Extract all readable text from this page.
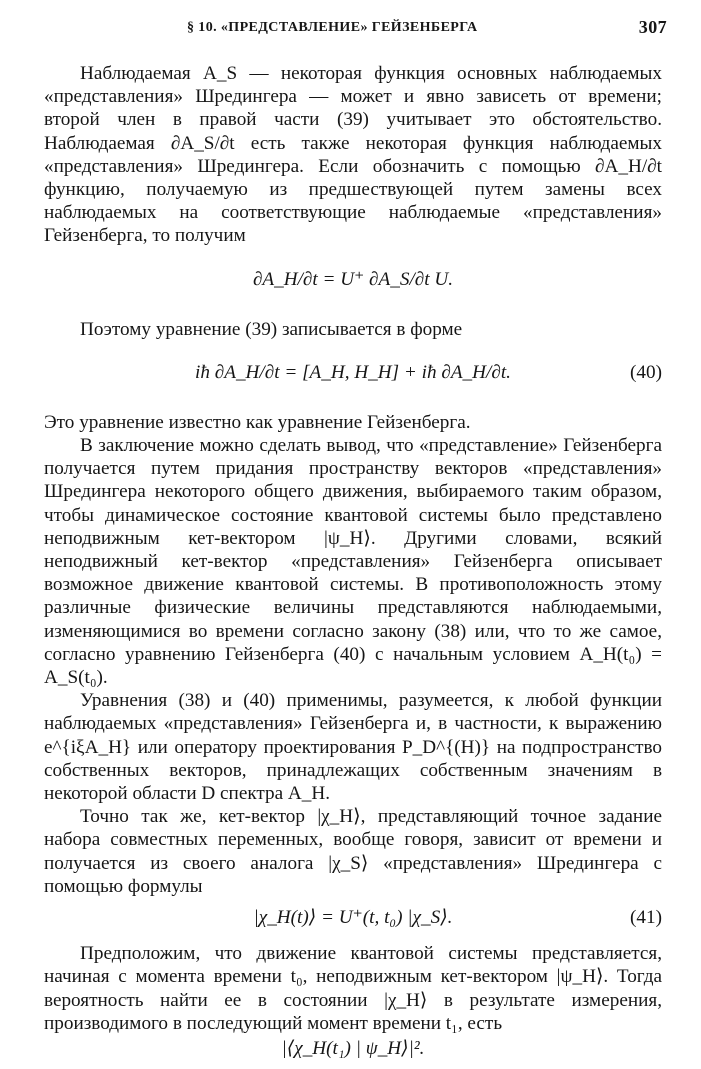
§ 10. «ПРЕДСТАВЛЕНИЕ» ГЕЙЗЕНБЕРГА	307

Наблюдаемая A_S — некоторая функция основных наблюдаемых «представления» Шредингера — может и явно зависеть от времени; второй член в правой части (39) учитывает это обстоятельство. Наблюдаемая ∂A_S/∂t есть также некоторая функция наблюдаемых «представления» Шредингера. Если обозначить с помощью ∂A_H/∂t функцию, получаемую из предшествующей путем замены всех наблюдаемых на соответствующие наблюдаемые «представления» Гейзенберга, то получим

∂A_H/∂t = U⁺ ∂A_S/∂t U.

Поэтому уравнение (39) записывается в форме

iħ ∂A_H/∂t = [A_H, H_H] + iħ ∂A_H/∂t.	(40)

Это уравнение известно как уравнение Гейзенберга.

В заключение можно сделать вывод, что «представление» Гейзенберга получается путем придания пространству векторов «представления» Шредингера некоторого общего движения, выбираемого таким образом, чтобы динамическое состояние квантовой системы было представлено неподвижным кет-вектором |ψ_H⟩. Другими словами, всякий неподвижный кет-вектор «представления» Гейзенберга описывает возможное движение квантовой системы. В противоположность этому различные физические величины представляются наблюдаемыми, изменяющимися во времени согласно закону (38) или, что то же самое, согласно уравнению Гейзенберга (40) с начальным условием A_H(t₀) = A_S(t₀).

Уравнения (38) и (40) применимы, разумеется, к любой функции наблюдаемых «представления» Гейзенберга и, в частности, к выражению e^{iξA_H} или оператору проектирования P_D^{(H)} на подпространство собственных векторов, принадлежащих собственным значениям в некоторой области D спектра A_H.

Точно так же, кет-вектор |χ_H⟩, представляющий точное задание набора совместных переменных, вообще говоря, зависит от времени и получается из своего аналога |χ_S⟩ «представления» Шредингера с помощью формулы

|χ_H(t)⟩ = U⁺(t, t₀) |χ_S⟩.	(41)

Предположим, что движение квантовой системы представляется, начиная с момента времени t₀, неподвижным кет-вектором |ψ_H⟩. Тогда вероятность найти ее в состоянии |χ_H⟩ в результате измерения, производимого в последующий момент времени t₁, есть

|⟨χ_H(t₁) | ψ_H⟩|².
